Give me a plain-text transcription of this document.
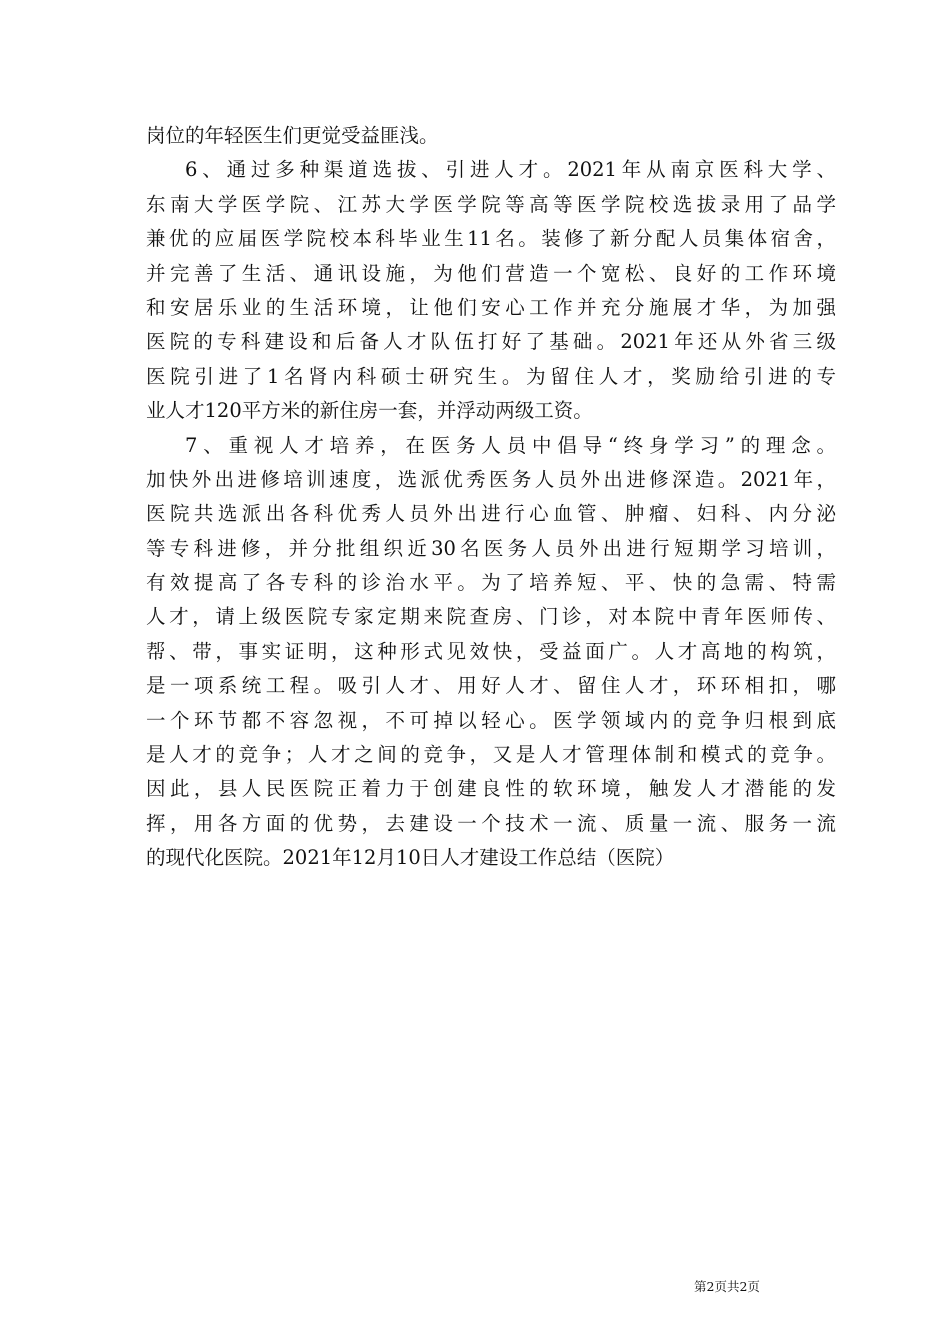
岗位的年轻医生们更觉受益匪浅。
6、通过多种渠道选拔、引进人才。2021年从南京医科大学、
东南大学医学院、江苏大学医学院等高等医学院校选拔录用了品学
兼优的应届医学院校本科毕业生11名。装修了新分配人员集体宿舍，
并完善了生活、通讯设施，为他们营造一个宽松、良好的工作环境
和安居乐业的生活环境，让他们安心工作并充分施展才华，为加强
医院的专科建设和后备人才队伍打好了基础。2021年还从外省三级
医院引进了1名肾内科硕士研究生。为留住人才，奖励给引进的专
业人才120平方米的新住房一套，并浮动两级工资。
7、重视人才培养，在医务人员中倡导“终身学习”的理念。
加快外出进修培训速度，选派优秀医务人员外出进修深造。2021年，
医院共选派出各科优秀人员外出进行心血管、肿瘤、妇科、内分泌
等专科进修，并分批组织近30名医务人员外出进行短期学习培训，
有效提高了各专科的诊治水平。为了培养短、平、快的急需、特需
人才，请上级医院专家定期来院查房、门诊，对本院中青年医师传、
帮、带，事实证明，这种形式见效快，受益面广。人才高地的构筑，
是一项系统工程。吸引人才、用好人才、留住人才，环环相扣，哪
一个环节都不容忽视，不可掉以轻心。医学领域内的竞争归根到底
是人才的竞争；人才之间的竞争，又是人才管理体制和模式的竞争。
因此，县人民医院正着力于创建良性的软环境，触发人才潜能的发
挥，用各方面的优势，去建设一个技术一流、质量一流、服务一流
的现代化医院。2021年12月10日人才建设工作总结（医院）
第2页共2页
